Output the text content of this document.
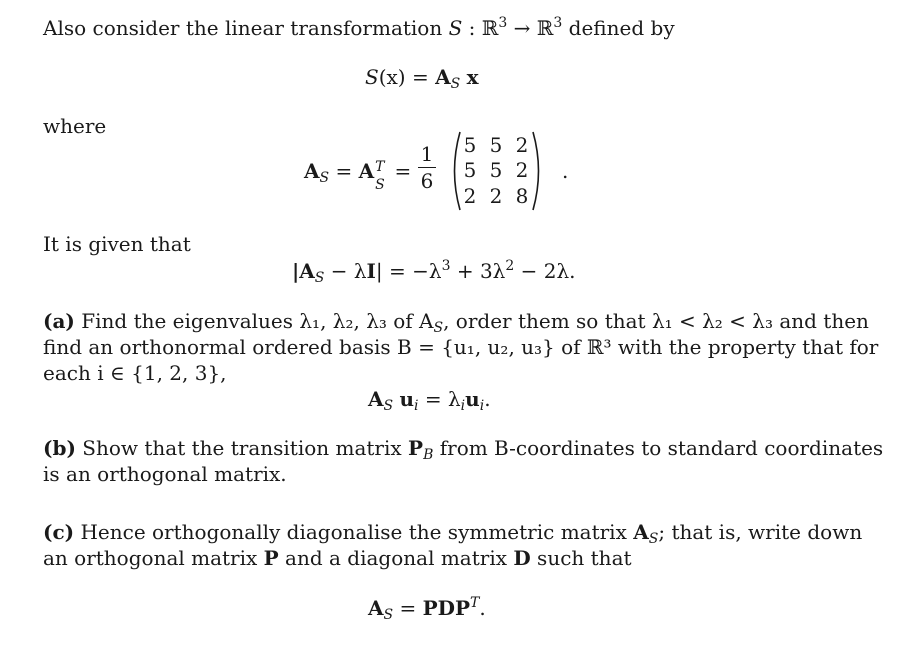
Also consider the linear transformation S : ℝ$^3$ → ℝ$^3$ defined by
$S(x) = A_S$ x
where
$A_S = A$ T
S
=
1
6
5 5 2
5 5 2
2 2 8
.
It is given that
$|A_S - \lambda I| = -\lambda^3 + 3\lambda^2 - 2\lambda$.
(a) Find the eigenvalues λ₁, λ₂, λ₃ of $A_S$, order them so that λ₁ < λ₂ < λ₃ and then
find an orthonormal ordered basis B = {u₁, u₂, u₃} of ℝ³ with the property that for
each i ∈ {1, 2, 3},
$A_S$ $u_i = \lambda_iu_i$.
(b) Show that the transition matrix $P_B$ from B-coordinates to standard coordinates
is an orthogonal matrix.
(c) Hence orthogonally diagonalise the symmetric matrix $A_S$; that is, write down
an orthogonal matrix P and a diagonal matrix D such that
$A_S = PDP^T$.
